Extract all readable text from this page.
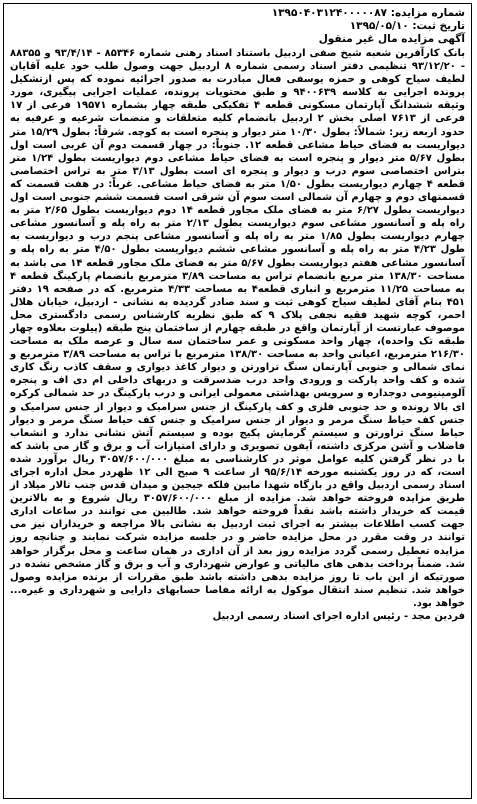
شماره مزایده: ۱۳۹۵۰۴۰۳۱۲۴۰۰۰۰۰۸۷
تاریخ ثبت: ۱۳۹۵/۰۵/۱۰
آگهی مزایده مال غیر منقول

بانک کارآفرین شعبه شیخ صفی اردبیل باستناد اسناد رهنی شماره ۸۵۳۴۶ - ۹۳/۴/۱۴ و ۸۸۳۵۵ - ۹۳/۱۲/۲۰ تنظیمی دفتر اسناد رسمی شماره ۸ اردبیل جهت وصول طلب خود علیه آقایان لطیف سیاح کوهی و حمزه یوسفی فعال مبادرت به صدور اجرائیه نموده که پس ازتشکیل پرونده اجرایی به کلاسه ۹۴۰۰۶۳۹ و طبق محتویات پرونده، عملیات اجرایی پیگیری، مورد وثیقه ششدانگ آپارتمان مسکونی قطعه ۴ تفکیکی طبقه چهار بشماره ۱۹۵۷۱ فرعی از ۱۷ فرعی از ۷۶۱۳ اصلی بخش ۲ اردبیل بانضمام کلیه متعلقات و منضمات شرعیه و عرفیه به حدود اربعه زیر: شمالاً: بطول ۱۰/۳۰ متر دیوار و پنجره است به کوچه. شرقاً: بطول ۱۵/۲۹ متر دیواریست به فضای حیاط مشاعی قطعه ۱۲. جنوباً: در چهار قسمت دوم آن غربی است اول بطول ۵/۶۷ متر دیوار و پنجره است به فضای حیاط مشاعی دوم دیواریست بطول ۱/۲۴ متر بتراس اختصاصی سوم درب و دیوار و پنجره ای است بطول ۳/۱۳ متر به تراس اختصاصی قطعه ۴ چهارم دیواریست بطول ۱/۵۰ متر به فضای حیاط مشاعی. غرباً: در هفت قسمت که قسمتهای دوم و چهارم آن شمالی است سوم آن شرقی است قسمت ششم جنوبی است اول دیواریست بطول ۶/۲۷ متر به فضای ملک مجاور قطعه ۱۴ دوم دیواریست بطول ۲/۶۵ متر به راه پله و آسانسور مشاعی سوم دیواریست بطول ۲/۱۳ متر به راه پله و آسانسور مشاعی چهارم دیواریست بطول ۱/۸۵ متر به راه پله و آسانسور مشاعی پنجم درب و دیواریست به طول ۴/۲۳ متر به راه پله و آسانسور مشاعی ششم دیواریست بطول ۴/۵۰ متر به راه پله و آسانسور مشاعی هفتم دیواریست بطول ۵/۶۷ متر به فضای ملک مجاور قطعه ۱۴ می باشد به مساحت ۱۳۸/۳۰ متر مربع بانضمام تراس به مساحت ۳/۸۹ مترمربع بانضمام پارکینگ قطعه ۴ به مساحت ۱۱/۲۵ مترمربع و انباری قطعه۴ به مساحت ۴/۳۳ مترمربع. که در صفحه ۱۹ دفتر ۴۵۱ بنام آقای لطیف سیاح کوهی ثبت و سند صادر گردیده به نشانی - اردبیل، خیابان هلال احمر، کوچه شهید فقیه نجفی پلاک ۹ که طبق نظریه کارشناس رسمی دادگستری محل موصوف عبارتست از آپارتمان واقع در طبقه چهارم از ساختمان پنج طبقه (پیلوت بعلاوه چهار طبقه تک واحده)، چهار واحد مسکونی و عمر ساختمان سه سال و عرصه ملک به مساحت ۲۱۶/۳۰ مترمربع، اعیانی واحد به مساحت ۱۳۸/۳۰ مترمربع با تراس به مساحت ۳/۸۹ مترمربع و نمای شمالی و جنوبی آپارتمان سنگ تراورتن و دیوار کاغذ دیواری و سقف کاذب رنگ کاری شده و کف واحد پارکت و ورودی واحد درب ضدسرقت و دربهای داخلی ام دی اف و پنجره آلومینیومی دوجداره و سرویس بهداشتی معمولی ایرانی و درب پارکینگ در حد شمالی کرکره ای بالا رونده و حد جنوبی فلزی و کف پارکینگ از جنس سرامیک و دیوار از جنس سرامیک و جنس کف حیاط سنگ مرمر و دیوار از جنس سرامیک و جنس کف حیاط سنگ مرمر و دیوار حیاط سنگ تراورتن و سیستم گرمایش پکیج بوده و سیستم آتش نشانی ندارد و انشعاب فاضلاب و آشن مرکزی داشته، آیفون تصویری و دارای امتیازات آب و برق و گاز می باشد که با در نظر گرفتن کلیه عوامل موثر در کارشناسی به مبلغ ۳۰۵۷/۶۰۰/۰۰۰ ریال برآورد شده است، که در روز یکشنبه مورخه ۹۵/۶/۱۴ از ساعت ۹ صبح الی ۱۲ ظهردر محل اداره اجرای اسناد رسمی اردبیل واقع در بازگاه شهدا مابین فلکه جیجین و میدان قدس جنب تالار میلاد از طریق مزایده فروخته خواهد شد. مزایده از مبلغ ۳۰۵۷/۶۰۰/۰۰۰ ریال شروع و به بالاترین قیمت که خریدار داشته باشد نقداً فروخته خواهد شد. طالبین می توانند در ساعات اداری جهت کسب اطلاعات بیشتر به اجرای ثبت اردبیل به نشانی بالا مراجعه و خریداران نیز می توانند در وقت مقرر در محل مزایده حاضر و در جلسه مزایده شرکت نمایند و چنانچه روز مزایده تعطیل رسمی گردد مزایده روز بعد از آن اداری در همان ساعت و محل برگزار خواهد شد. ضمناً پرداخت بدهی های مالیاتی و عوارض شهرداری و آب و برق و گاز مشخص نشده در صورتیکه از این باب تا روز مزایده بدهی داشته باشد طبق مقررات از برنده مزایده وصول خواهد شد. تنظیم سند انتقال موکول به ارائه مفاصا حسابهای دارایی و شهرداری و غیره... خواهد بود.

فردین مجد - رئیس اداره اجرای اسناد رسمی اردبیل
